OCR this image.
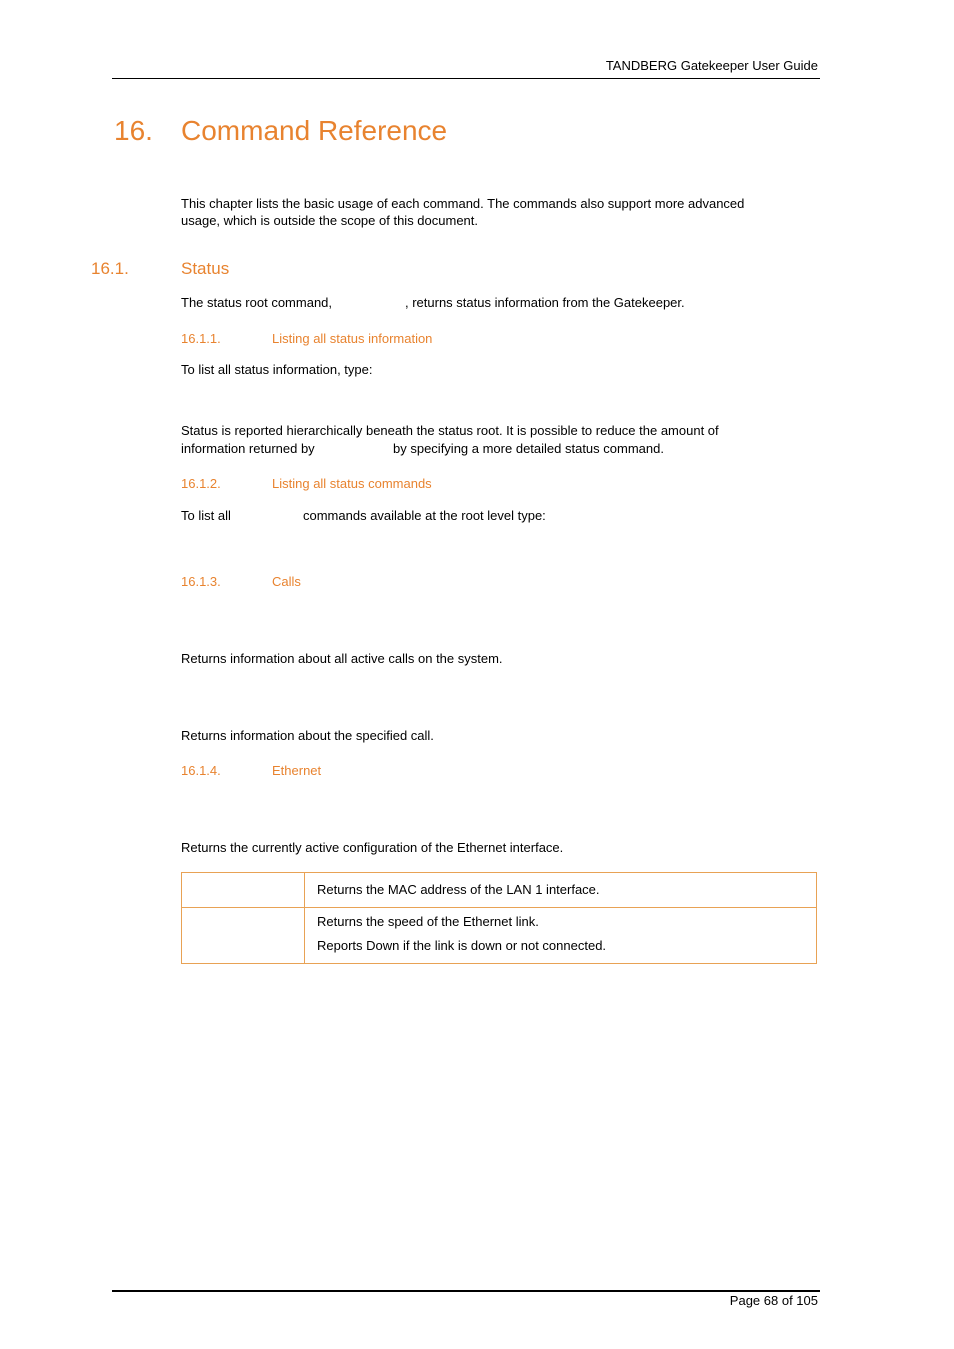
TANDBERG Gatekeeper User Guide
16. Command Reference
This chapter lists the basic usage of each command. The commands also support more advanced
usage, which is outside the scope of this document.
16.1.	Status
The status root command,	, returns status information from the Gatekeeper.
16.1.1.	Listing all status information
To list all status information, type:
Status is reported hierarchically beneath the status root. It is possible to reduce the amount of
information returned by	by specifying a more detailed status command.
16.1.2.	Listing all status commands
To list all	commands available at the root level type:
16.1.3.	Calls
Returns information about all active calls on the system.
Returns information about the specified call.
16.1.4.	Ethernet
Returns the currently active configuration of the Ethernet interface.

	Returns the MAC address of the LAN 1 interface.

	Returns the speed of the Ethernet link.
Reports Down if the link is down or not connected.
Page 68 of 105
